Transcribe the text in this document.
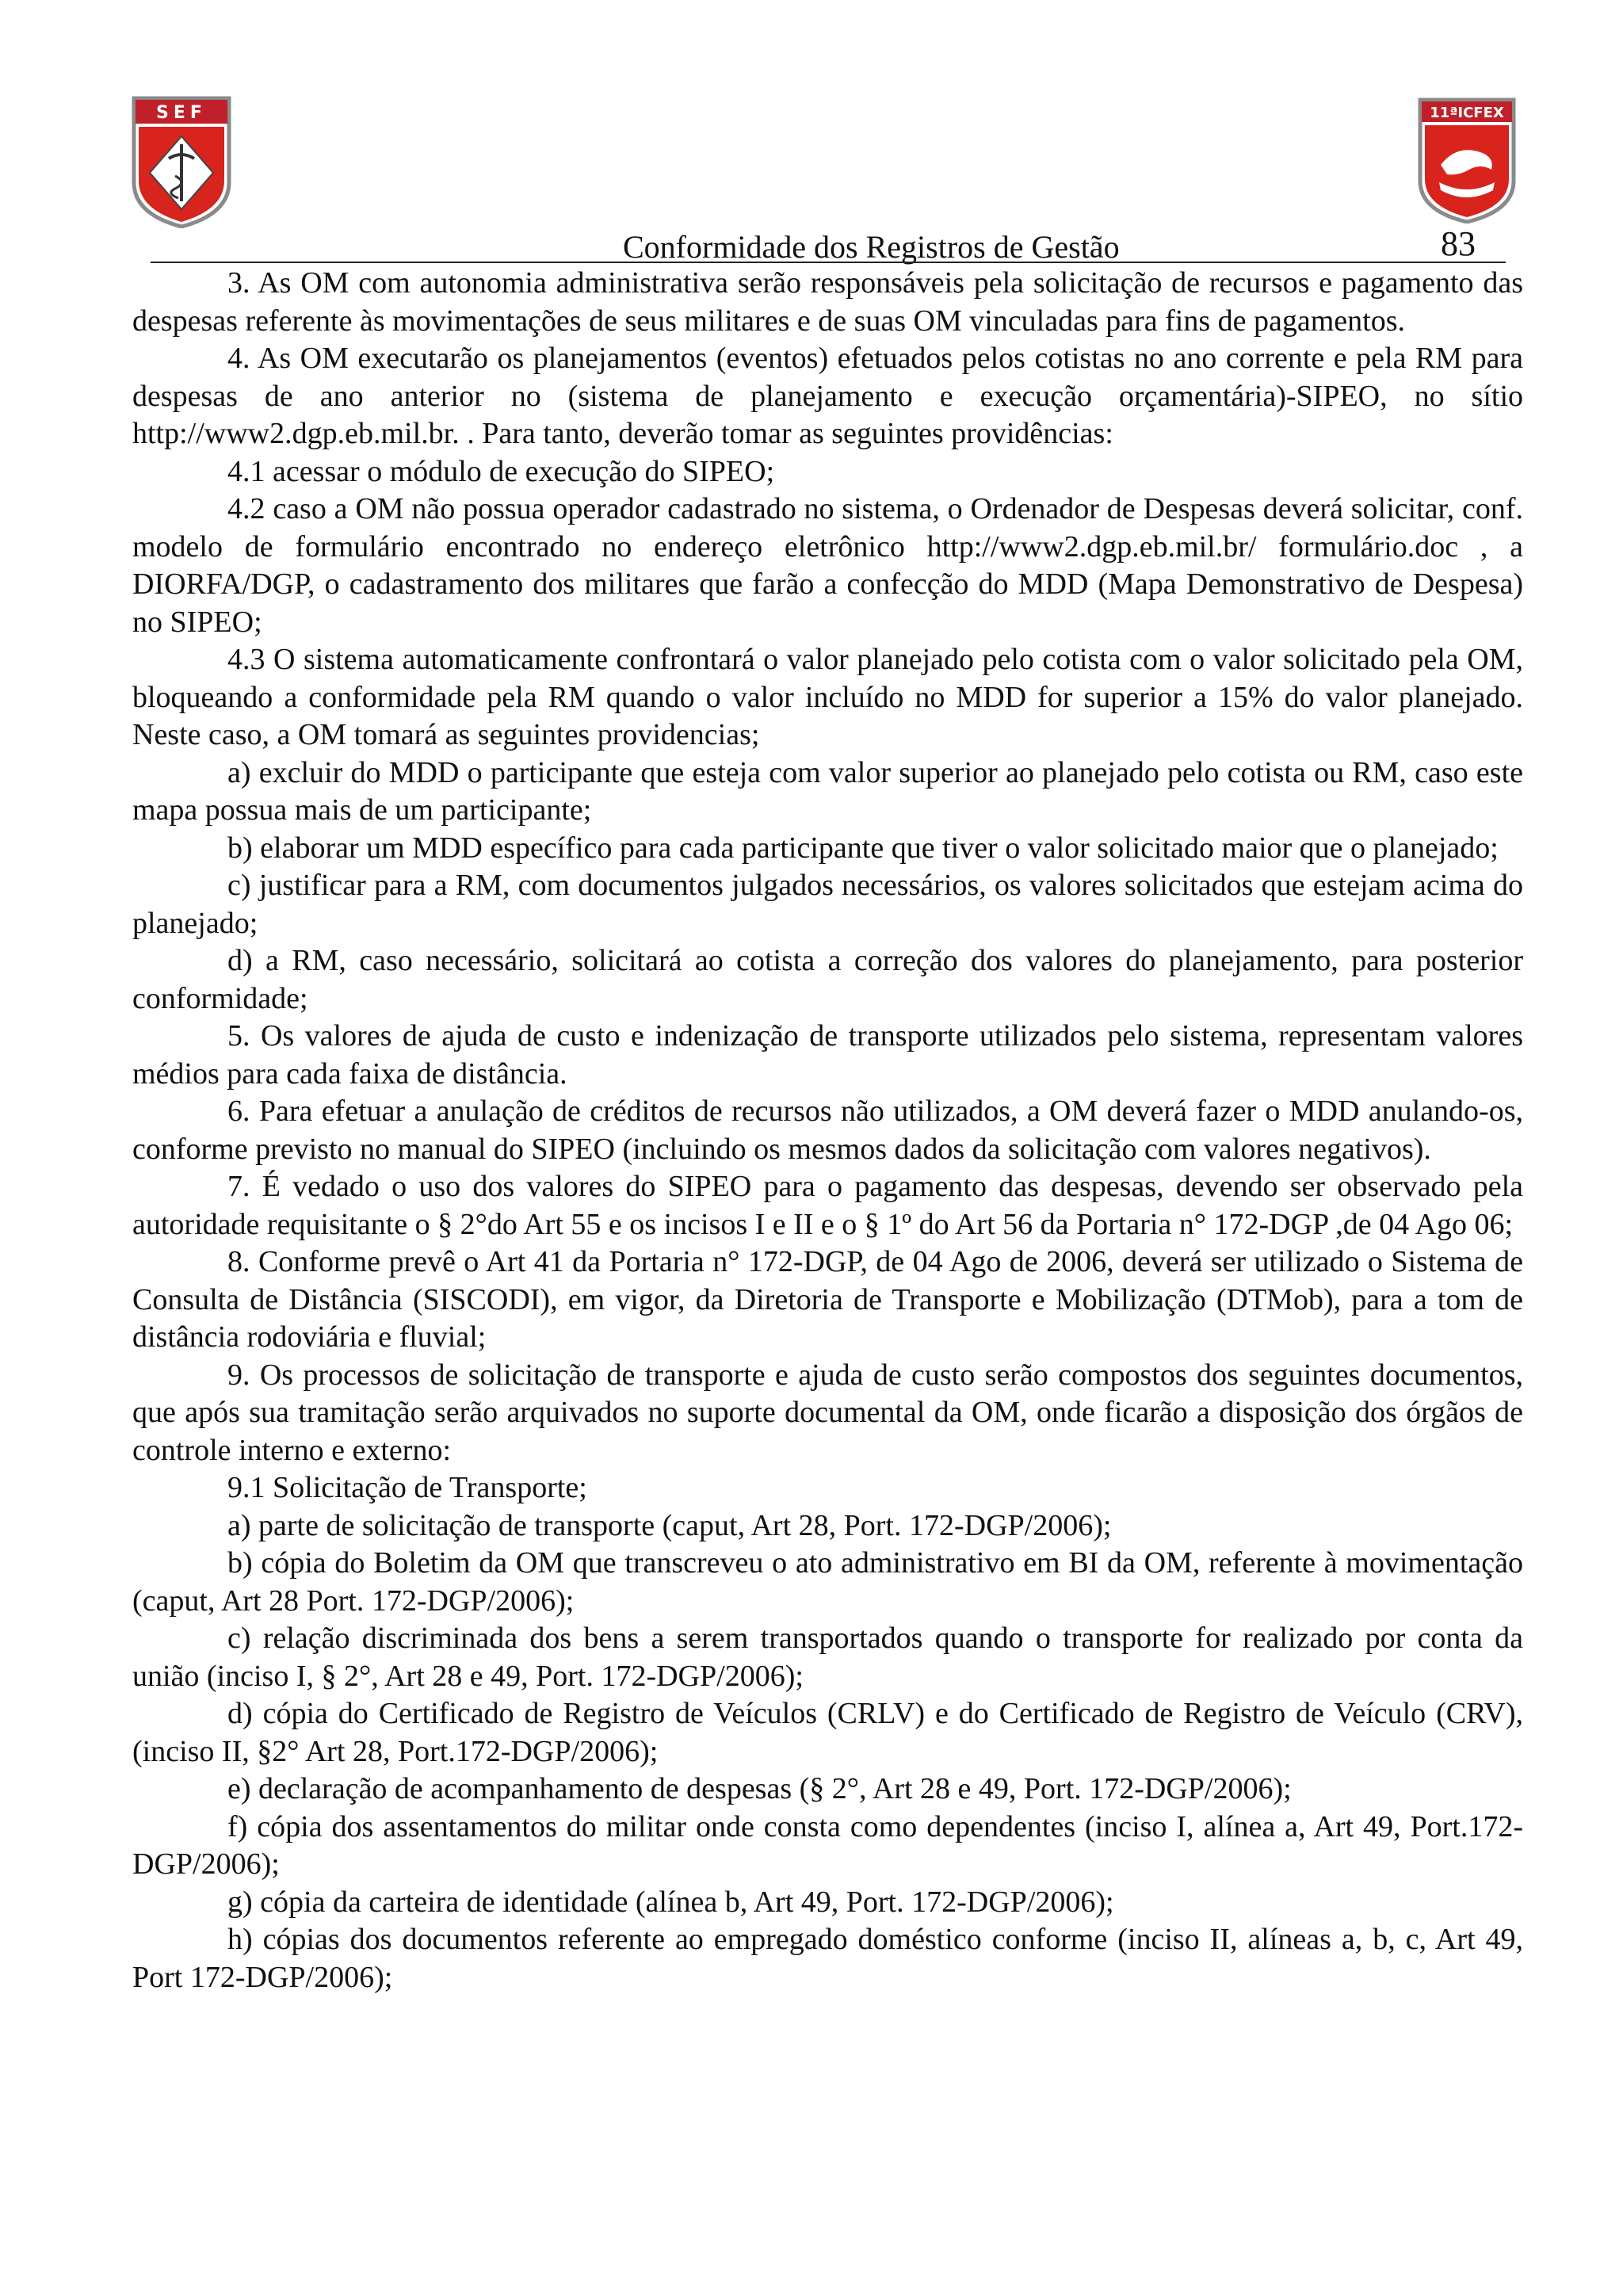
SEF	11ªICFEX
Conformidade dos Registros de Gestão	83

3. As OM com autonomia administrativa serão responsáveis pela solicitação de recursos e pagamento das despesas referente às movimentações de seus militares e de suas OM vinculadas para fins de pagamentos.

4. As OM executarão os planejamentos (eventos) efetuados pelos cotistas no ano corrente e pela RM para despesas de ano anterior no (sistema de planejamento e execução orçamentária)-SIPEO, no sítio http://www2.dgp.eb.mil.br. . Para tanto, deverão tomar as seguintes providências:

4.1 acessar o módulo de execução do SIPEO;

4.2 caso a OM não possua operador cadastrado no sistema, o Ordenador de Despesas deverá solicitar, conf. modelo de formulário encontrado no endereço eletrônico http://www2.dgp.eb.mil.br/ formulário.doc , a DIORFA/DGP, o cadastramento dos militares que farão a confecção do MDD (Mapa Demonstrativo de Despesa) no SIPEO;

4.3 O sistema automaticamente confrontará o valor planejado pelo cotista com o valor solicitado pela OM, bloqueando a conformidade pela RM quando o valor incluído no MDD for superior a 15% do valor planejado. Neste caso, a OM tomará as seguintes providencias;

a) excluir do MDD o participante que esteja com valor superior ao planejado pelo cotista ou RM, caso este mapa possua mais de um participante;

b) elaborar um MDD específico para cada participante que tiver o valor solicitado maior que o planejado;

c) justificar para a RM, com documentos julgados necessários, os valores solicitados que estejam acima do planejado;

d) a RM, caso necessário, solicitará ao cotista a correção dos valores do planejamento, para posterior conformidade;

5. Os valores de ajuda de custo e indenização de transporte utilizados pelo sistema, representam valores médios para cada faixa de distância.

6. Para efetuar a anulação de créditos de recursos não utilizados, a OM deverá fazer o MDD anulando-os, conforme previsto no manual do SIPEO (incluindo os mesmos dados da solicitação com valores negativos).

7. É vedado o uso dos valores do SIPEO para o pagamento das despesas, devendo ser observado pela autoridade requisitante o § 2°do Art 55 e os incisos I e II e o § 1º do Art 56 da Portaria n° 172-DGP ,de 04 Ago 06;

8. Conforme prevê o Art 41 da Portaria n° 172-DGP, de 04 Ago de 2006, deverá ser utilizado o Sistema de Consulta de Distância (SISCODI), em vigor, da Diretoria de Transporte e Mobilização (DTMob), para a tom de distância rodoviária e fluvial;

9. Os processos de solicitação de transporte e ajuda de custo serão compostos dos seguintes documentos, que após sua tramitação serão arquivados no suporte documental da OM, onde ficarão a disposição dos órgãos de controle interno e externo:

9.1 Solicitação de Transporte;

a) parte de solicitação de transporte (caput, Art 28, Port. 172-DGP/2006);

b) cópia do Boletim da OM que transcreveu o ato administrativo em BI da OM, referente à movimentação (caput, Art 28 Port. 172-DGP/2006);

c) relação discriminada dos bens a serem transportados quando o transporte for realizado por conta da união (inciso I, § 2°, Art 28 e 49, Port. 172-DGP/2006);

d) cópia do Certificado de Registro de Veículos (CRLV) e do Certificado de Registro de Veículo (CRV), (inciso II, §2° Art 28, Port.172-DGP/2006);

e) declaração de acompanhamento de despesas (§ 2°, Art 28 e 49, Port. 172-DGP/2006);

f) cópia dos assentamentos do militar onde consta como dependentes (inciso I, alínea a, Art 49, Port.172-DGP/2006);

g) cópia da carteira de identidade (alínea b, Art 49, Port. 172-DGP/2006);

h) cópias dos documentos referente ao empregado doméstico conforme (inciso II, alíneas a, b, c, Art 49, Port 172-DGP/2006);
